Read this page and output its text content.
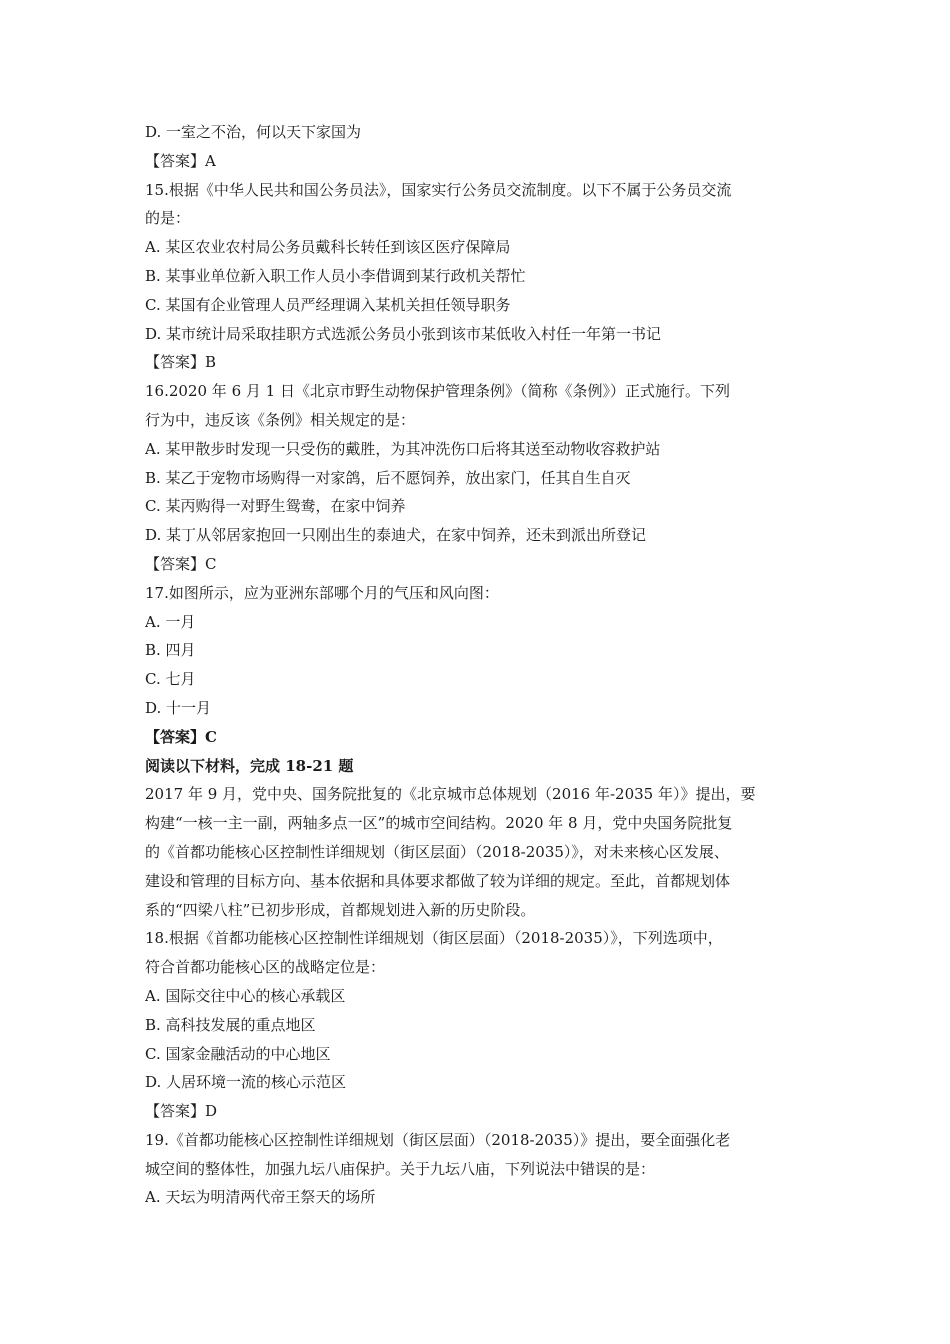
D. 一室之不治，何以天下家国为
【答案】A
15.根据《中华人民共和国公务员法》，国家实行公务员交流制度。以下不属于公务员交流
的是：
A. 某区农业农村局公务员戴科长转任到该区医疗保障局
B. 某事业单位新入职工作人员小李借调到某行政机关帮忙
C. 某国有企业管理人员严经理调入某机关担任领导职务
D. 某市统计局采取挂职方式选派公务员小张到该市某低收入村任一年第一书记
【答案】B
16.2020 年 6 月 1 日《北京市野生动物保护管理条例》（简称《条例》）正式施行。下列
行为中，违反该《条例》相关规定的是：
A. 某甲散步时发现一只受伤的戴胜，为其冲洗伤口后将其送至动物收容救护站
B. 某乙于宠物市场购得一对家鸽，后不愿饲养，放出家门，任其自生自灭
C. 某丙购得一对野生鸳鸯，在家中饲养
D. 某丁从邻居家抱回一只刚出生的泰迪犬，在家中饲养，还未到派出所登记
【答案】C
17.如图所示，应为亚洲东部哪个月的气压和风向图：
A. 一月
B. 四月
C. 七月
D. 十一月
【答案】C
阅读以下材料，完成 18-21 题
2017 年 9 月，党中央、国务院批复的《北京城市总体规划（2016 年-2035 年）》提出，要
构建“一核一主一副，两轴多点一区”的城市空间结构。2020 年 8 月，党中央国务院批复
的《首都功能核心区控制性详细规划（街区层面）（2018-2035）》，对未来核心区发展、
建设和管理的目标方向、基本依据和具体要求都做了较为详细的规定。至此，首都规划体
系的“四梁八柱”已初步形成，首都规划进入新的历史阶段。
18.根据《首都功能核心区控制性详细规划（街区层面）（2018-2035）》，下列选项中，
符合首都功能核心区的战略定位是：
A. 国际交往中心的核心承载区
B. 高科技发展的重点地区
C. 国家金融活动的中心地区
D. 人居环境一流的核心示范区
【答案】D
19.《首都功能核心区控制性详细规划（街区层面）（2018-2035）》提出，要全面强化老
城空间的整体性，加强九坛八庙保护。关于九坛八庙，下列说法中错误的是：
A. 天坛为明清两代帝王祭天的场所
